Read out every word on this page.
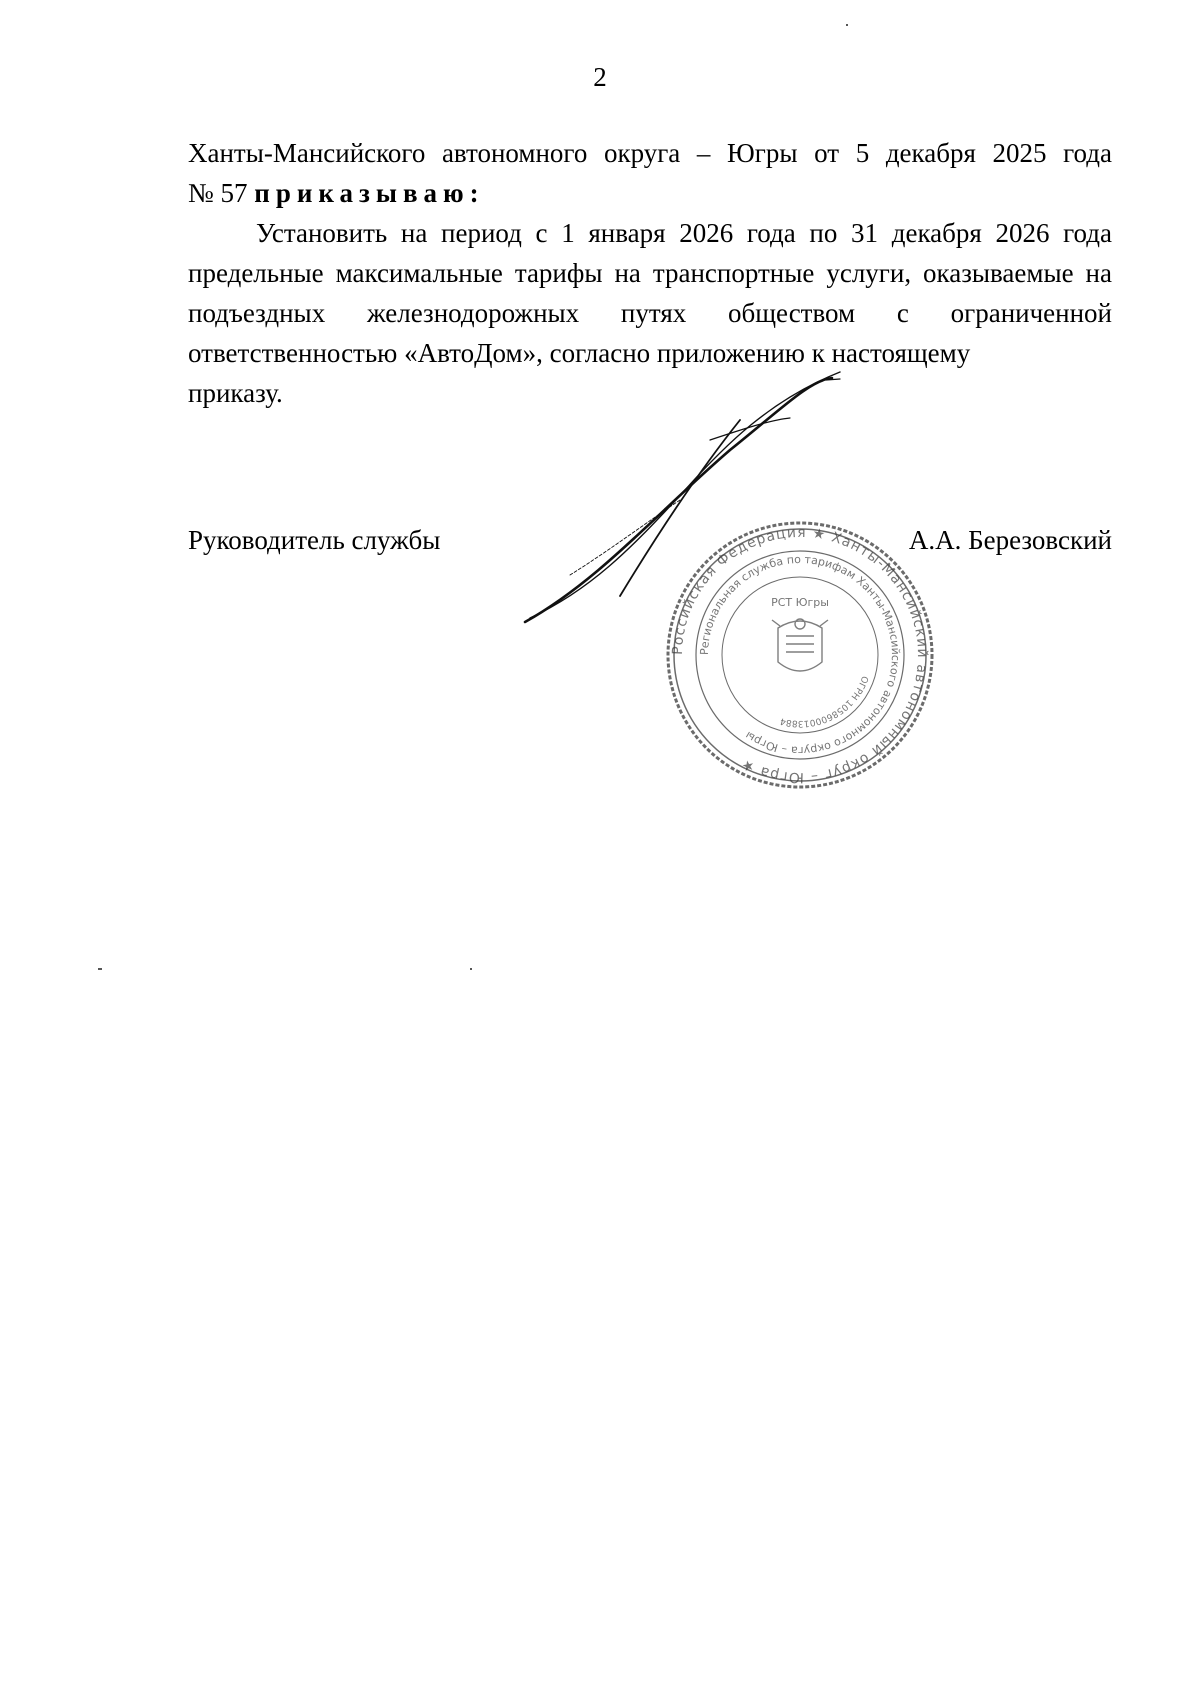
2
Ханты-Мансийского автономного округа – Югры от 5 декабря 2025 года
№ 57 приказываю:
Установить на период с 1 января 2026 года по 31 декабря 2026 года предельные максимальные тарифы на транспортные услуги, оказываемые на подъездных железнодорожных путях обществом с ограниченной ответственностью «АвтоДом», согласно приложению к настоящему
приказу.
Руководитель службы	А.А. Березовский
Российская Федерация ★ Ханты-Мансийский автономный округ – Югра ★
Региональная служба по тарифам Ханты-Мансийского автономного округа – Югры
ОГРН 1058600013884
РСТ Югры
